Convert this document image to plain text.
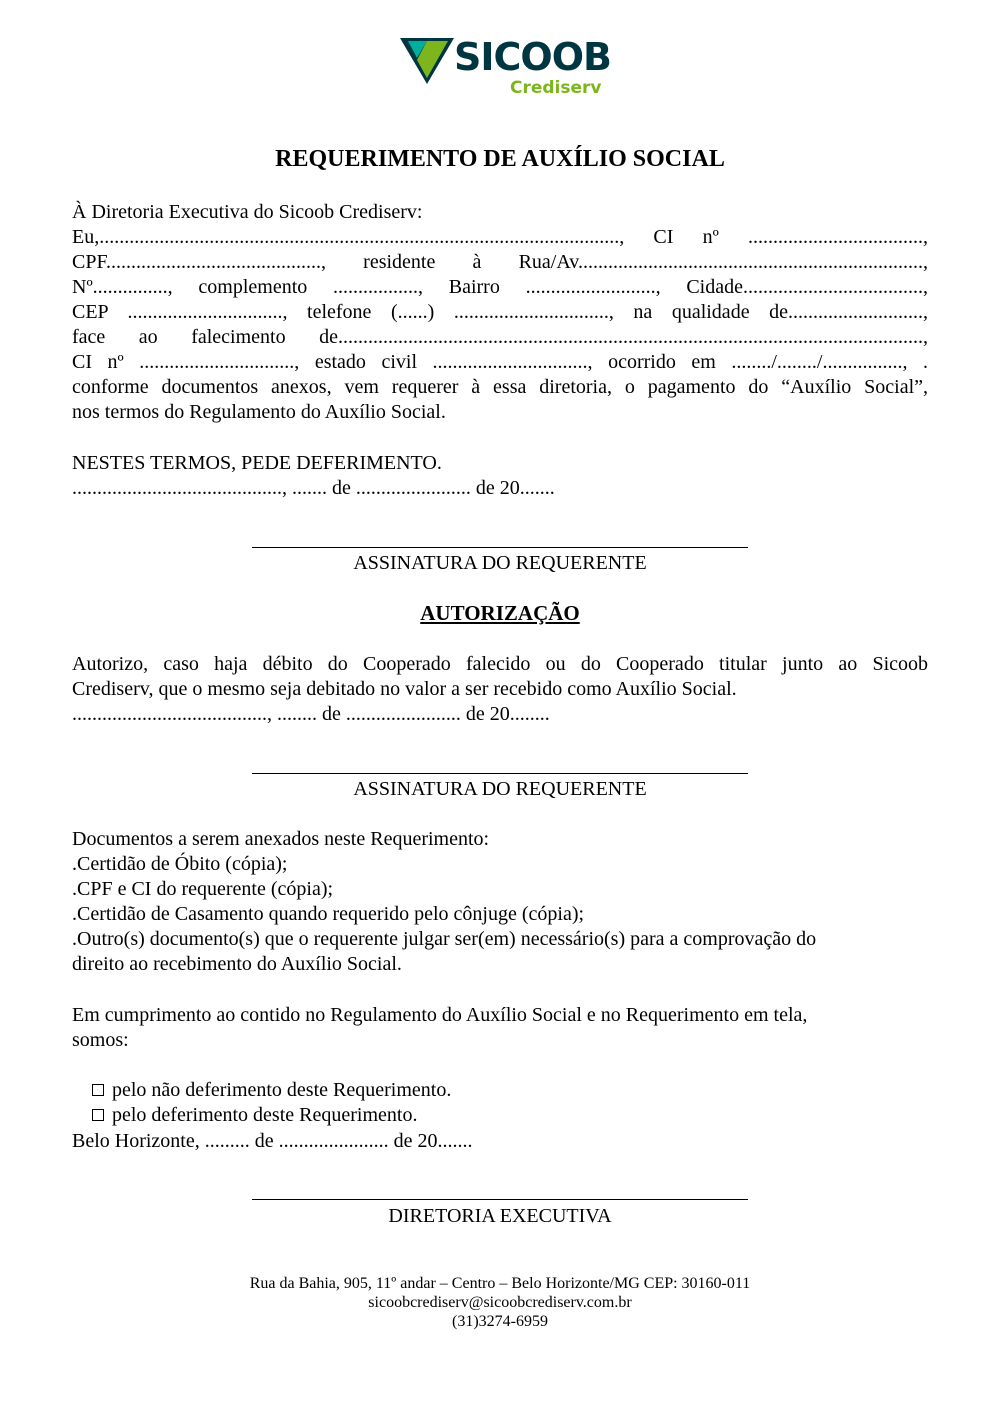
SICOOB
Crediserv
REQUERIMENTO DE AUXÍLIO SOCIAL
À Diretoria Executiva do Sicoob Crediserv:
Eu,........................................................................................................, CI nº ...................................,
CPF..........................................., residente à Rua/Av.....................................................................,
Nº..............., complemento ................., Bairro .........................., Cidade....................................,
CEP ..............................., telefone (......) ..............................., na qualidade de...........................,
face ao falecimento de.....................................................................................................................,
CI nº ..............................., estado civil ..............................., ocorrido em ......../......../................, .
conforme documentos anexos, vem requerer à essa diretoria, o pagamento do “Auxílio Social”,
nos termos do Regulamento do Auxílio Social.
NESTES TERMOS, PEDE DEFERIMENTO.
.........................................., ....... de ....................... de 20.......
ASSINATURA DO REQUERENTE
AUTORIZAÇÃO
Autorizo, caso haja débito do Cooperado falecido ou do Cooperado titular junto ao Sicoob
Crediserv, que o mesmo seja debitado no valor a ser recebido como Auxílio Social.
......................................., ........ de ....................... de 20........
ASSINATURA DO REQUERENTE
Documentos a serem anexados neste Requerimento:
.Certidão de Óbito (cópia);
.CPF e CI do requerente (cópia);
.Certidão de Casamento quando requerido pelo cônjuge (cópia);
.Outro(s) documento(s) que o requerente julgar ser(em) necessário(s) para a comprovação do
direito ao recebimento do Auxílio Social.
Em cumprimento ao contido no Regulamento do Auxílio Social e no Requerimento em tela,
somos:

pelo não deferimento deste Requerimento.

pelo deferimento deste Requerimento.

Belo Horizonte, ......... de ...................... de 20.......
DIRETORIA EXECUTIVA
Rua da Bahia, 905, 11º andar – Centro – Belo Horizonte/MG CEP: 30160-011
sicoobcrediserv@sicoobcrediserv.com.br
(31)3274-6959
